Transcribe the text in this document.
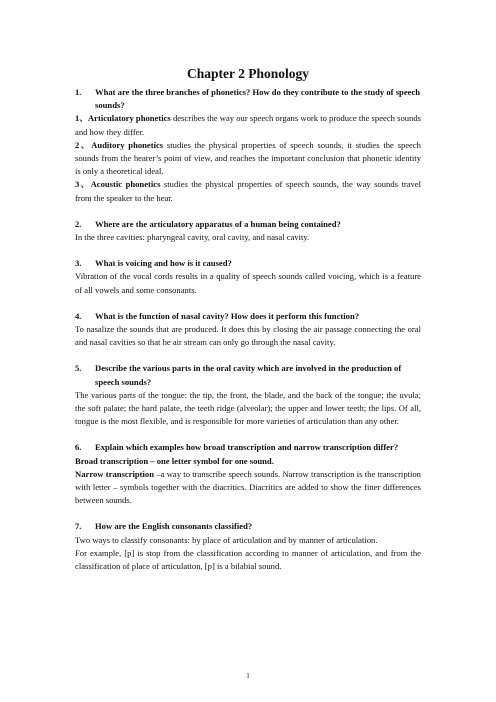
Chapter 2 Phonology
1.	What are the three branches of phonetics? How do they contribute to the study of speech sounds?

1、Articulatory phonetics describes the way our speech organs work to produce the speech sounds and how they differ.

2、Auditory phonetics studies the physical properties of speech sounds, it studies the speech sounds from the hearer’s point of view, and reaches the important conclusion that phonetic identity is only a theoretical ideal.

3、Acoustic phonetics studies the physical properties of speech sounds, the way sounds travel from the speaker to the hear.

2.	Where are the articulatory apparatus of a human being contained?

In the three cavities: pharyngeal cavity, oral cavity, and nasal cavity.

3.	What is voicing and how is it caused?

Vibration of the vocal cords results in a quality of speech sounds called voicing, which is a feature of all vowels and some consonants.

4.	What is the function of nasal cavity? How does it perform this function?

To nasalize the sounds that are produced. It does this by closing the air passage connecting the oral and nasal cavities so that he air stream can only go through the nasal cavity.

5.	Describe the various parts in the oral cavity which are involved in the production of speech sounds?

The various parts of the tongue: the tip, the front, the blade, and the back of the tongue; the uvula; the soft palate; the hard palate, the teeth ridge (alveolar); the upper and lower teeth; the lips. Of all, tongue is the most flexible, and is responsible for more varieties of articulation than any other.

6.	Explain which examples how broad transcription and narrow transcription differ?

Broad transcription – one letter symbol for one sound.

Narrow transcription –a way to transcribe speech sounds. Narrow transcription is the transcription with letter – symbols together with the diacritics. Diacritics are added to show the finer differences between sounds.

7.	How are the English consonants classified?

Two ways to classify consonants: by place of articulation and by manner of articulation.

For example, [p] is stop from the classification according to manner of articulation, and from the classification of place of articulation, [p] is a bilabial sound.

1
